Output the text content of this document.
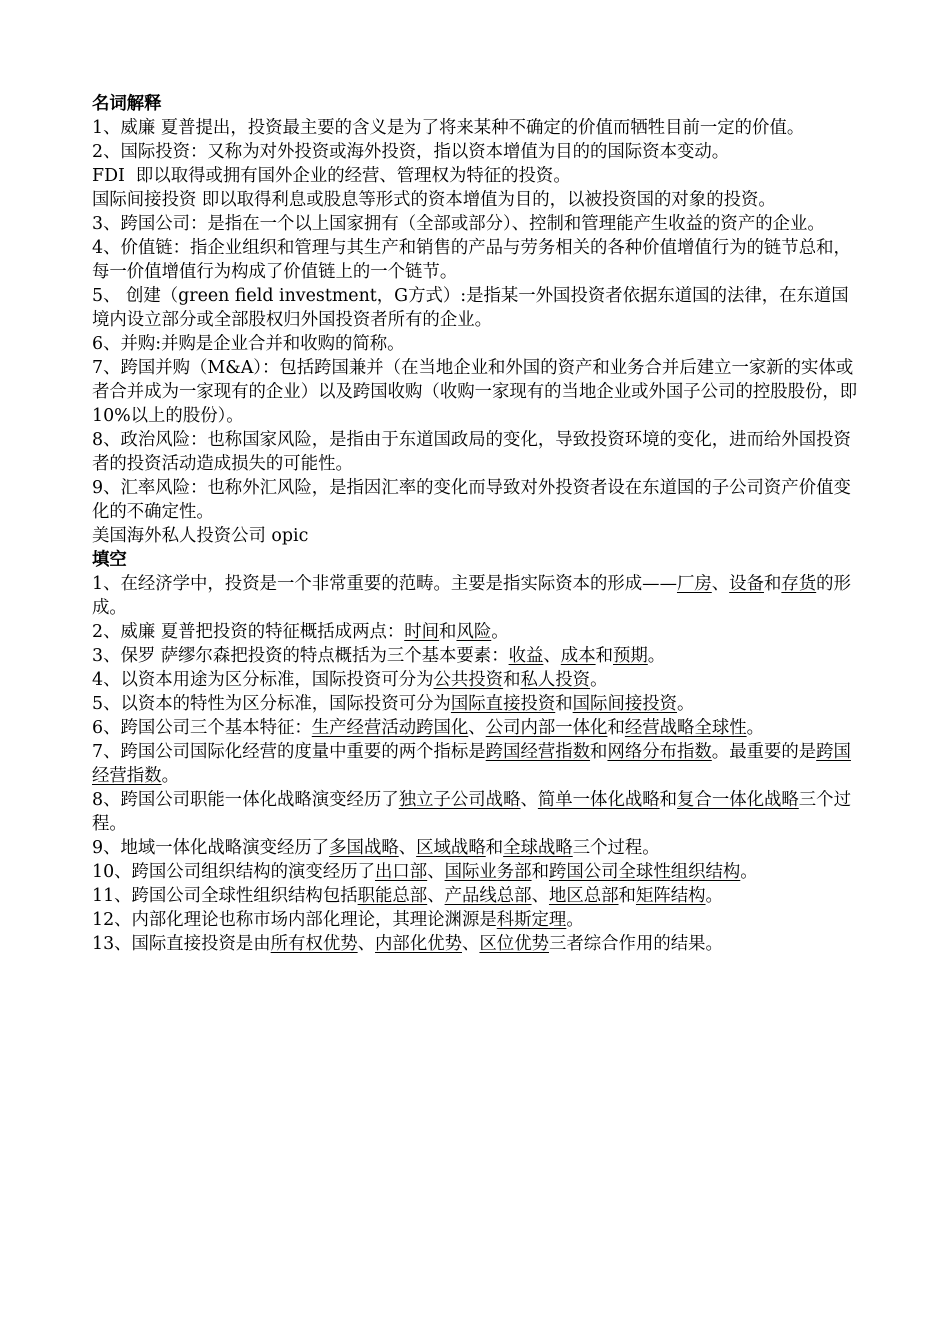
名词解释

1、威廉 夏普提出，投资最主要的含义是为了将来某种不确定的价值而牺牲目前一定的价值。

2、国际投资：又称为对外投资或海外投资，指以资本增值为目的的国际资本变动。

FDI  即以取得或拥有国外企业的经营、管理权为特征的投资。

国际间接投资 即以取得利息或股息等形式的资本增值为目的，以被投资国的对象的投资。

3、跨国公司：是指在一个以上国家拥有（全部或部分）、控制和管理能产生收益的资产的企业。

4、价值链：指企业组织和管理与其生产和销售的产品与劳务相关的各种价值增值行为的链节总和，每一价值增值行为构成了价值链上的一个链节。

5、 创建（green field investment，G方式）:是指某一外国投资者依据东道国的法律，在东道国境内设立部分或全部股权归外国投资者所有的企业。

6、并购:并购是企业合并和收购的简称。

7、跨国并购（M&A）：包括跨国兼并（在当地企业和外国的资产和业务合并后建立一家新的实体或者合并成为一家现有的企业）以及跨国收购（收购一家现有的当地企业或外国子公司的控股股份，即10%以上的股份）。

8、政治风险：也称国家风险，是指由于东道国政局的变化，导致投资环境的变化，进而给外国投资者的投资活动造成损失的可能性。

9、汇率风险：也称外汇风险，是指因汇率的变化而导致对外投资者设在东道国的子公司资产价值变化的不确定性。

美国海外私人投资公司 opic

填空

1、在经济学中，投资是一个非常重要的范畴。主要是指实际资本的形成——厂房、设备和存货的形成。

2、威廉 夏普把投资的特征概括成两点：时间和风险。

3、保罗 萨缪尔森把投资的特点概括为三个基本要素：收益、成本和预期。

4、以资本用途为区分标准，国际投资可分为公共投资和私人投资。

5、以资本的特性为区分标准，国际投资可分为国际直接投资和国际间接投资。

6、跨国公司三个基本特征：生产经营活动跨国化、公司内部一体化和经营战略全球性。

7、跨国公司国际化经营的度量中重要的两个指标是跨国经营指数和网络分布指数。最重要的是跨国经营指数。

8、跨国公司职能一体化战略演变经历了独立子公司战略、简单一体化战略和复合一体化战略三个过程。

9、地域一体化战略演变经历了多国战略、区域战略和全球战略三个过程。

10、跨国公司组织结构的演变经历了出口部、国际业务部和跨国公司全球性组织结构。

11、跨国公司全球性组织结构包括职能总部、产品线总部、地区总部和矩阵结构。

12、内部化理论也称市场内部化理论，其理论渊源是科斯定理。

13、国际直接投资是由所有权优势、内部化优势、区位优势三者综合作用的结果。
